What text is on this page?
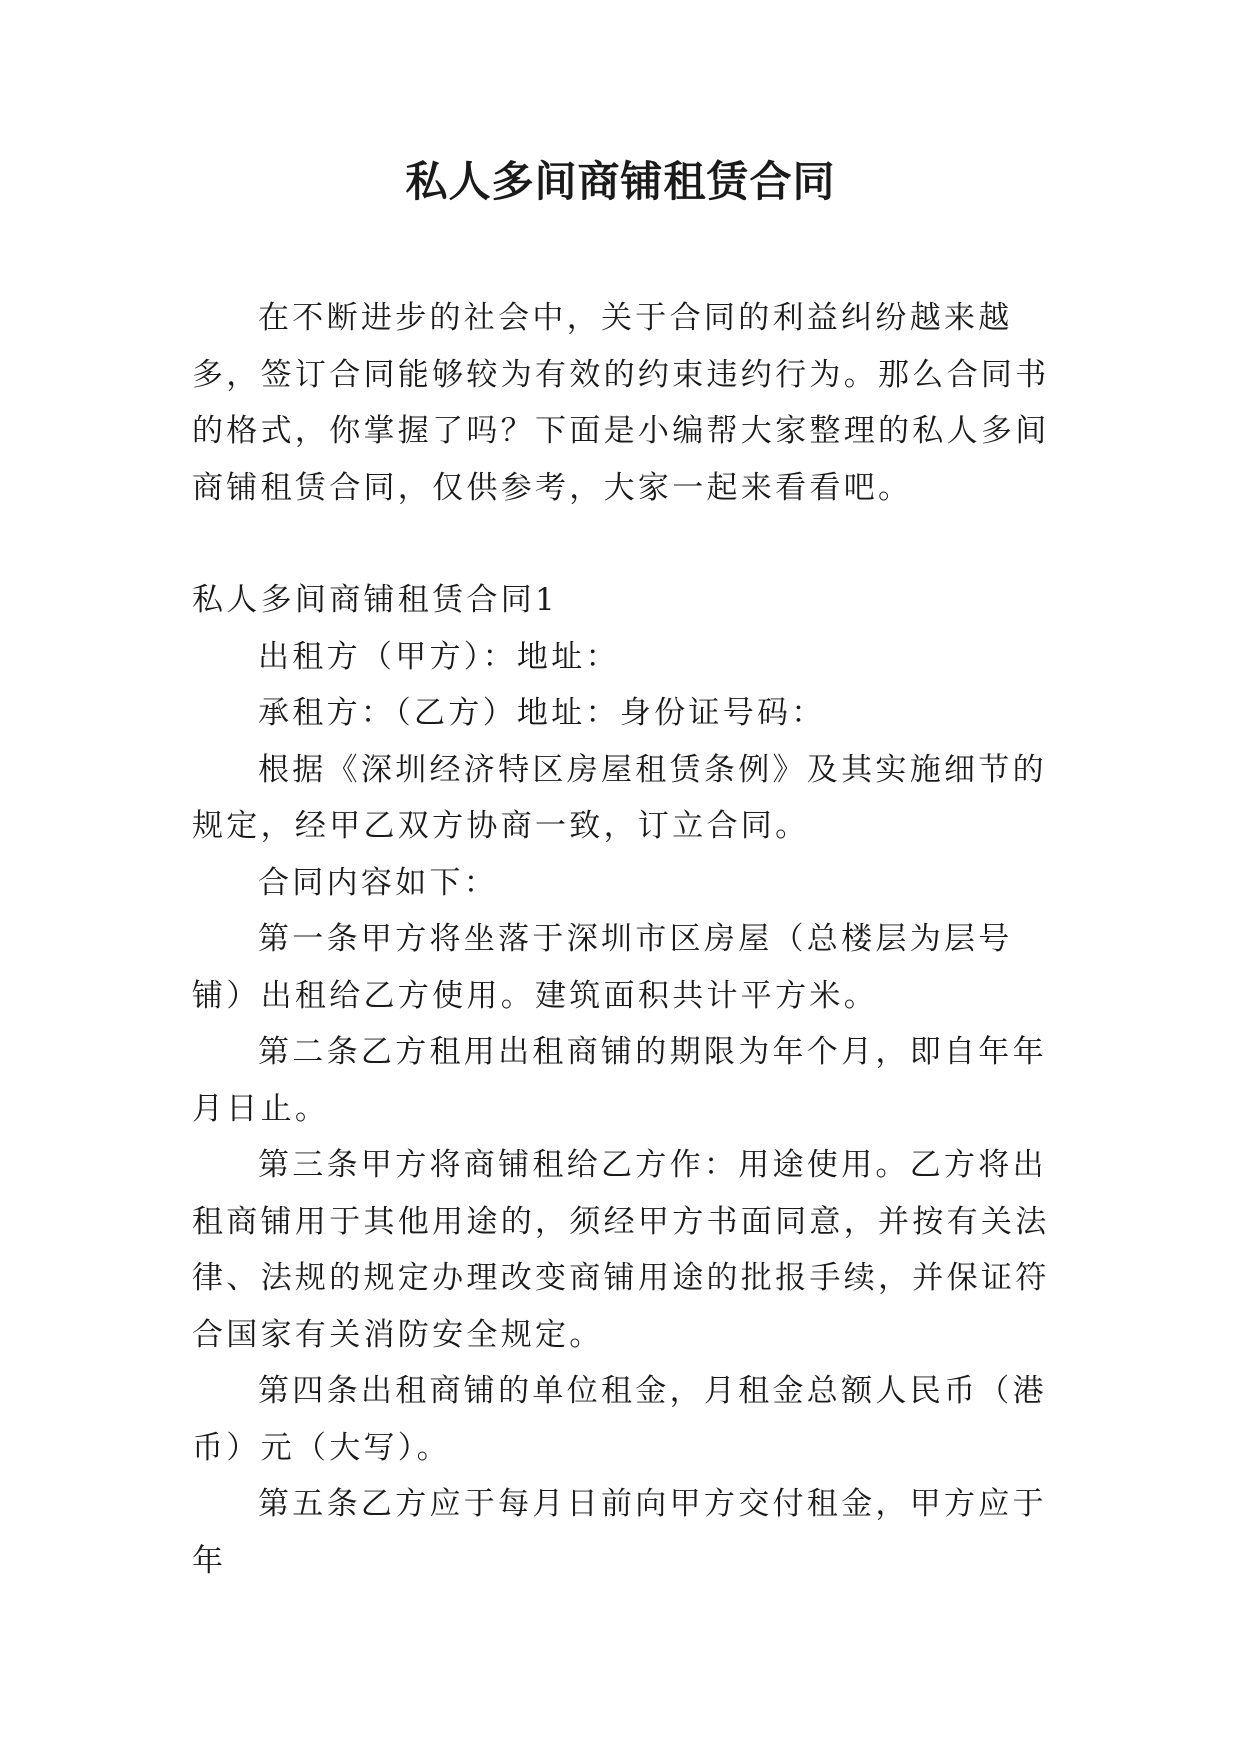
私人多间商铺租赁合同

在不断进步的社会中，关于合同的利益纠纷越来越多，签订合同能够较为有效的约束违约行为。那么合同书的格式，你掌握了吗？下面是小编帮大家整理的私人多间商铺租赁合同，仅供参考，大家一起来看看吧。

私人多间商铺租赁合同1

出租方（甲方）：地址：

承租方：（乙方）地址：身份证号码：

根据《深圳经济特区房屋租赁条例》及其实施细节的规定，经甲乙双方协商一致，订立合同。

合同内容如下：

第一条甲方将坐落于深圳市区房屋（总楼层为层号铺）出租给乙方使用。建筑面积共计平方米。

第二条乙方租用出租商铺的期限为年个月，即自年年月日止。

第三条甲方将商铺租给乙方作：用途使用。乙方将出租商铺用于其他用途的，须经甲方书面同意，并按有关法律、法规的规定办理改变商铺用途的批报手续，并保证符合国家有关消防安全规定。

第四条出租商铺的单位租金，月租金总额人民币（港币）元（大写）。

第五条乙方应于每月日前向甲方交付租金，甲方应于年
